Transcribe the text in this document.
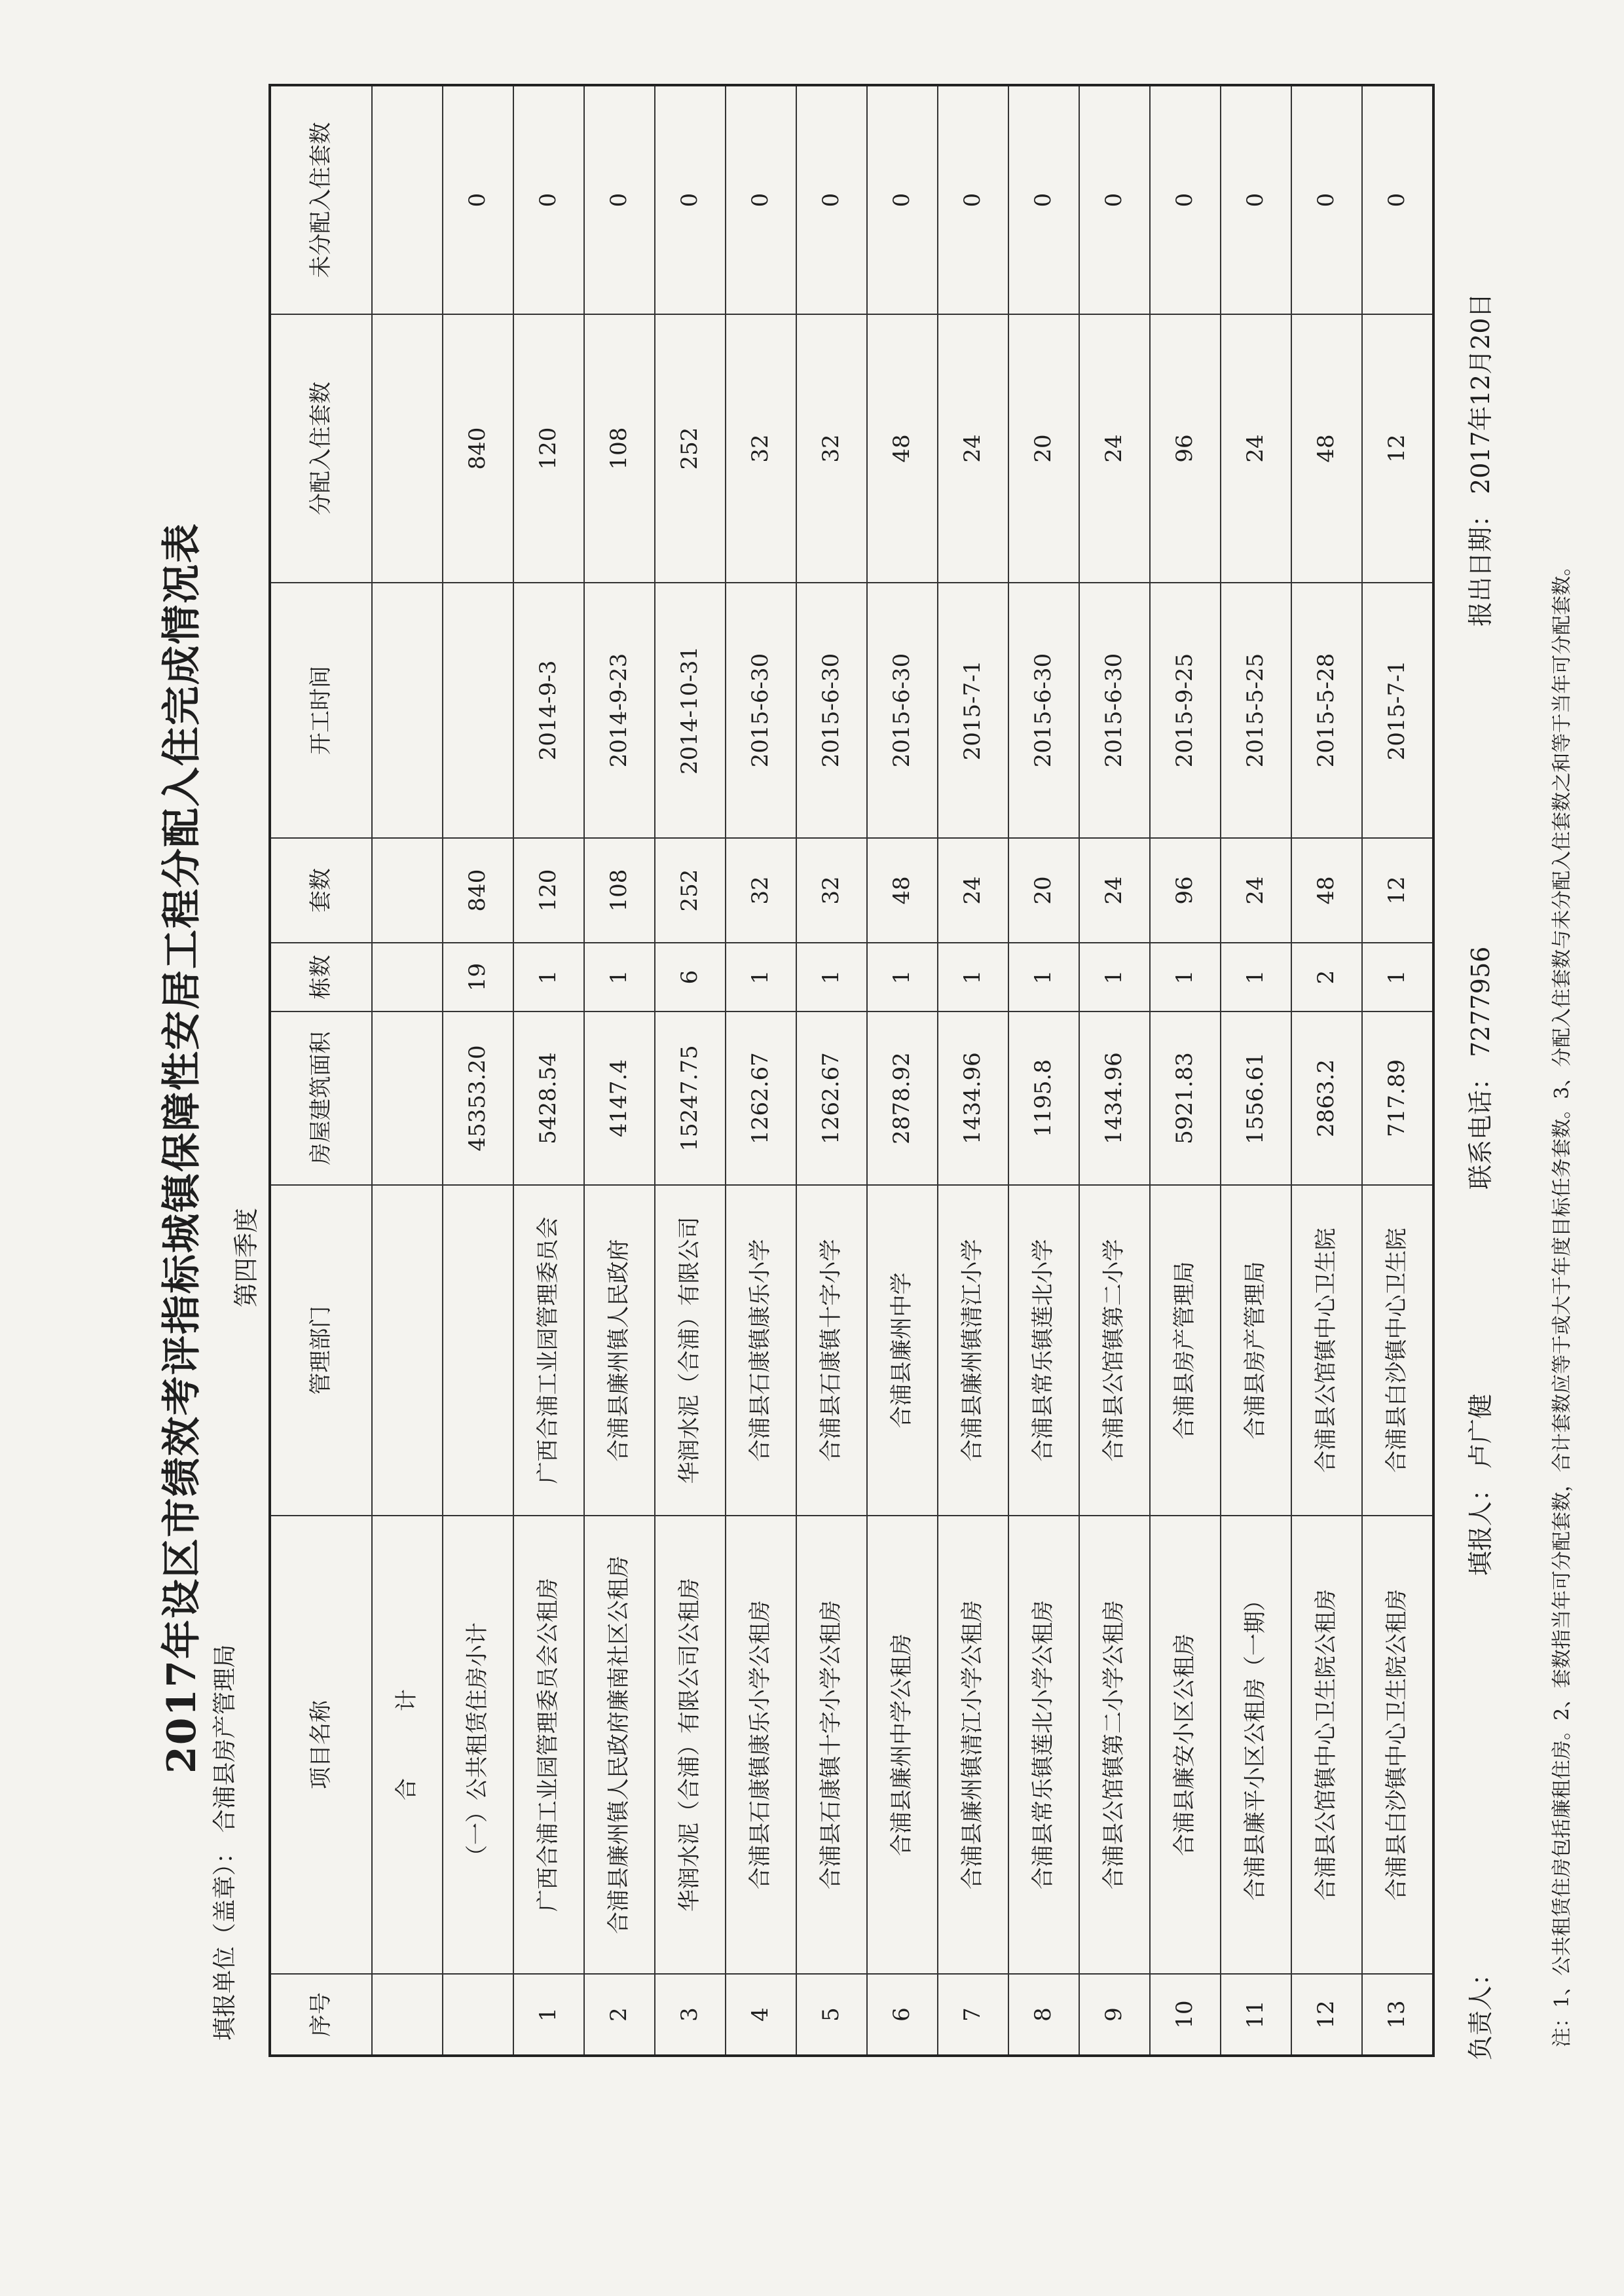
2017年设区市绩效考评指标城镇保障性安居工程分配入住完成情况表
填报单位（盖章）： 合浦县房产管理局
第四季度
序号	项目名称	管理部门	房屋建筑面积	栋数	套数	开工时间	分配入住套数	未分配入住套数
	合　　　计							
	（一）公共租赁住房小计		45353.20	19	840		840	0
1	广西合浦工业园管理委员会公租房	广西合浦工业园管理委员会	5428.54	1	120	2014-9-3	120	0
2	合浦县廉州镇人民政府廉南社区公租房	合浦县廉州镇人民政府	4147.4	1	108	2014-9-23	108	0
3	华润水泥（合浦）有限公司公租房	华润水泥（合浦）有限公司	15247.75	6	252	2014-10-31	252	0
4	合浦县石康镇康乐小学公租房	合浦县石康镇康乐小学	1262.67	1	32	2015-6-30	32	0
5	合浦县石康镇十字小学公租房	合浦县石康镇十字小学	1262.67	1	32	2015-6-30	32	0
6	合浦县廉州中学公租房	合浦县廉州中学	2878.92	1	48	2015-6-30	48	0
7	合浦县廉州镇清江小学公租房	合浦县廉州镇清江小学	1434.96	1	24	2015-7-1	24	0
8	合浦县常乐镇莲北小学公租房	合浦县常乐镇莲北小学	1195.8	1	20	2015-6-30	20	0
9	合浦县公馆镇第二小学公租房	合浦县公馆镇第二小学	1434.96	1	24	2015-6-30	24	0
10	合浦县廉安小区公租房	合浦县房产管理局	5921.83	1	96	2015-9-25	96	0
11	合浦县廉平小区公租房（一期）	合浦县房产管理局	1556.61	1	24	2015-5-25	24	0
12	合浦县公馆镇中心卫生院公租房	合浦县公馆镇中心卫生院	2863.2	2	48	2015-5-28	48	0
13	合浦县白沙镇中心卫生院公租房	合浦县白沙镇中心卫生院	717.89	1	12	2015-7-1	12	0
负责人：
填报人： 卢广健
联系电话： 7277956
报出日期： 2017年12月20日
注：1、公共租赁住房包括廉租住房。2、套数指当年可分配套数，合计套数应等于或大于年度目标任务套数。3、分配入住套数与未分配入住套数之和等于当年可分配套数。
